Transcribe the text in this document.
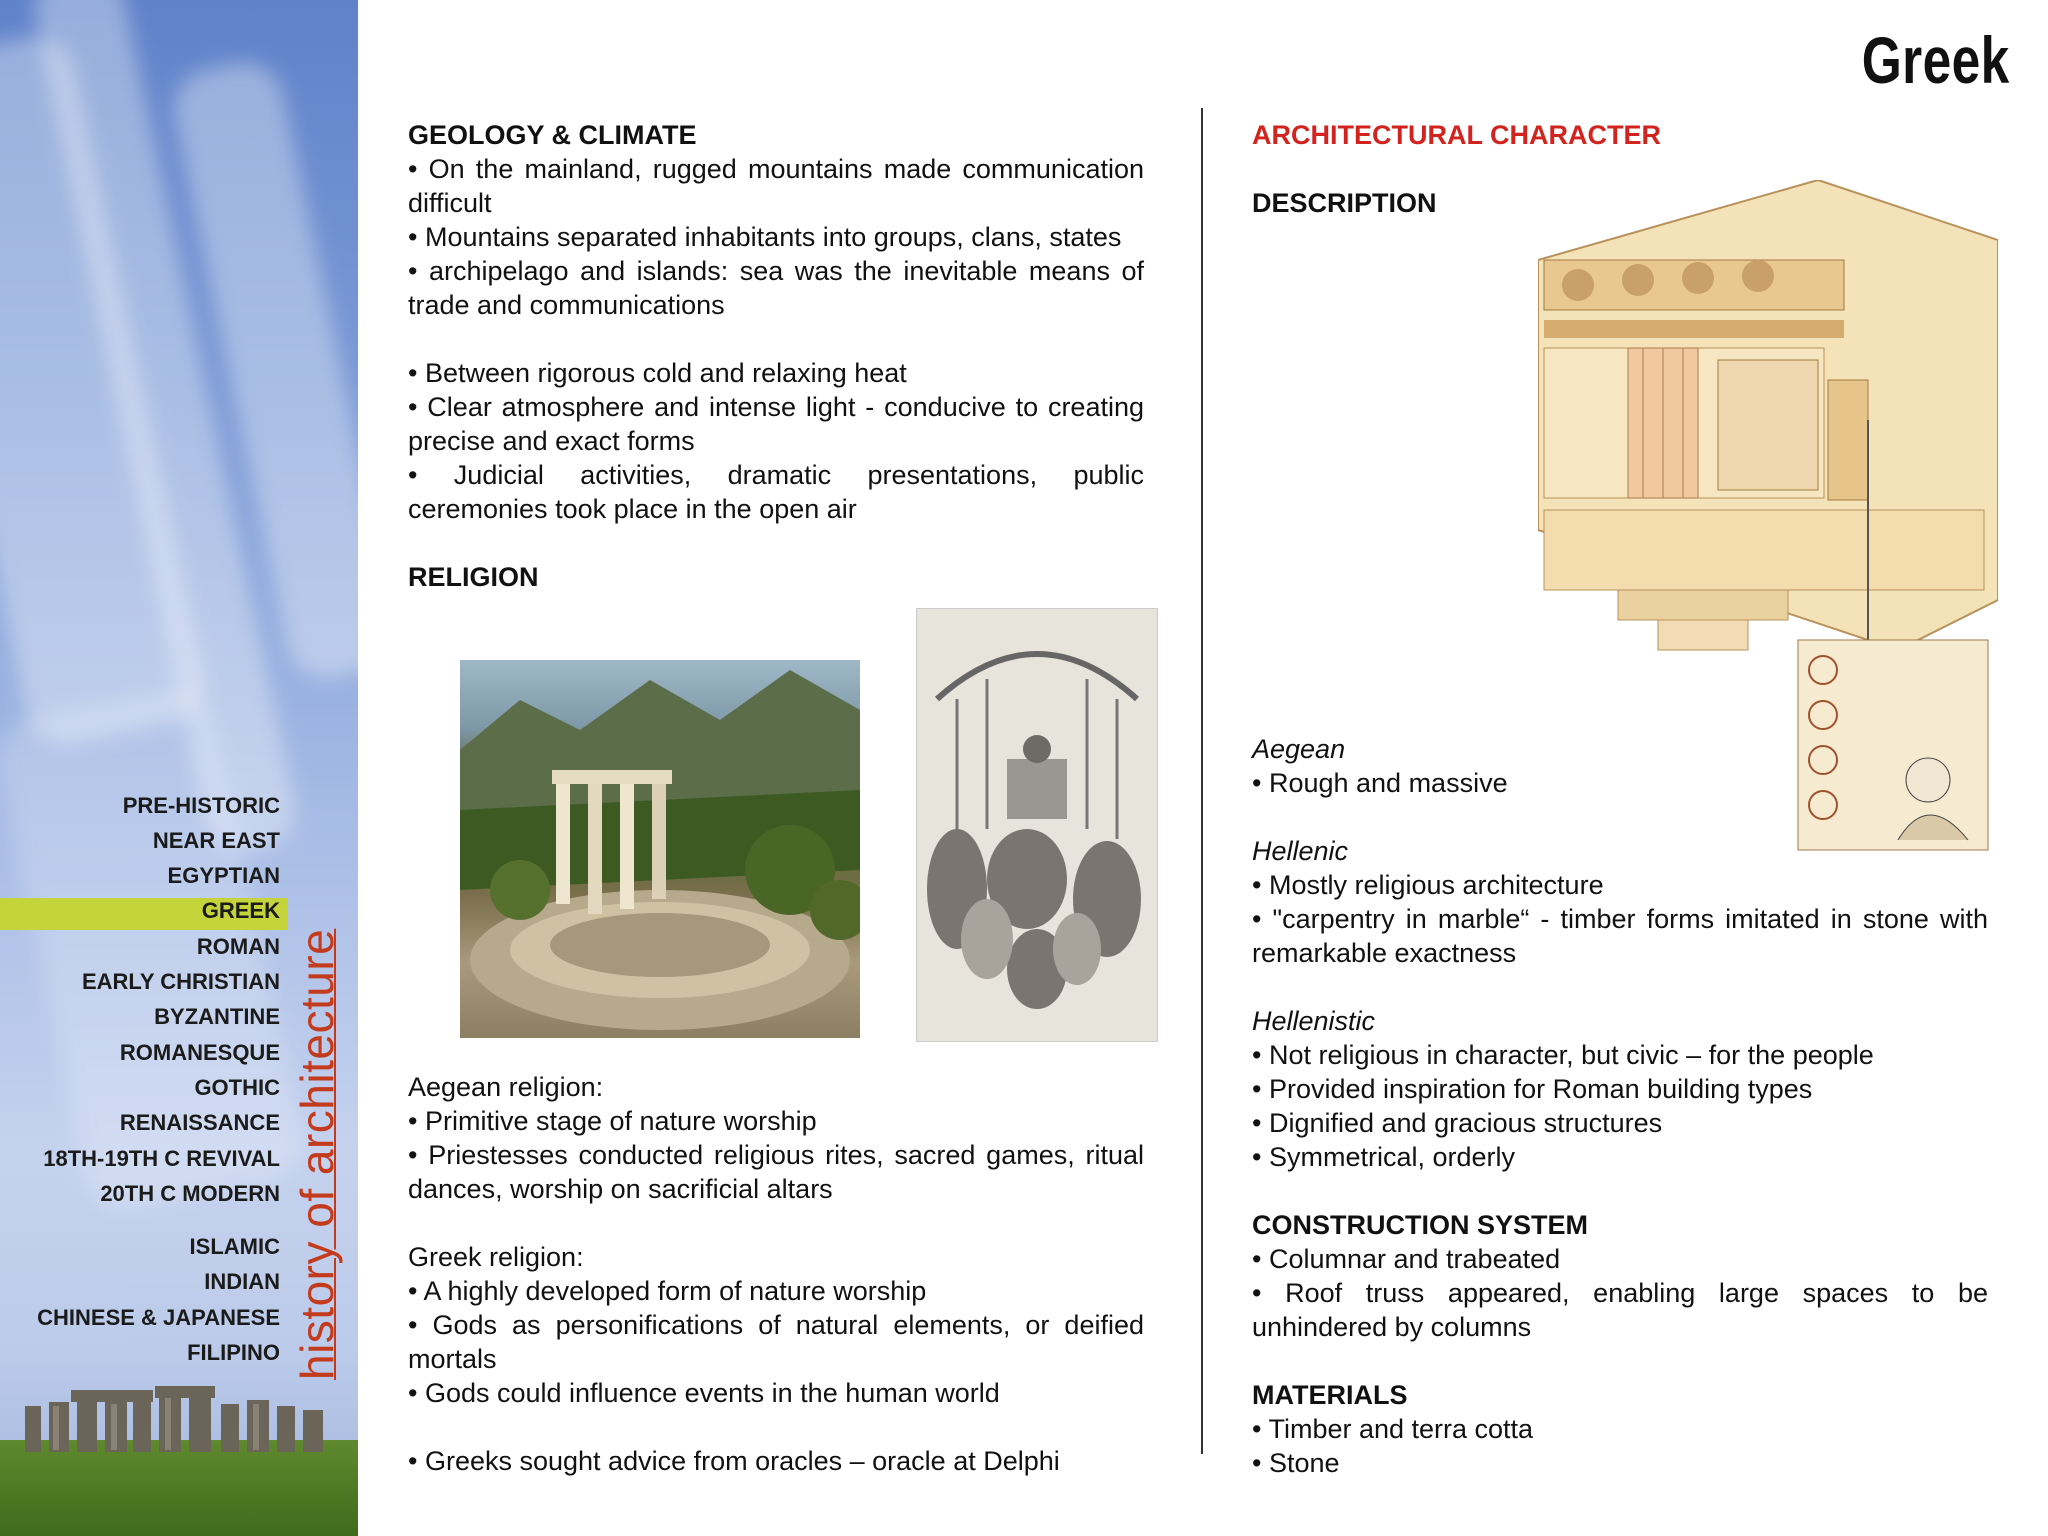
PRE-HISTORIC
NEAR EAST
EGYPTIAN
GREEK
ROMAN
EARLY CHRISTIAN
BYZANTINE
ROMANESQUE
GOTHIC
RENAISSANCE
18TH-19TH C REVIVAL
20TH C MODERN
ISLAMIC
INDIAN
CHINESE & JAPANESE
FILIPINO history of architecture
Greek
GEOLOGY & CLIMATE

• On the mainland, rugged mountains made communication difficult

• Mountains separated inhabitants into groups, clans, states

• archipelago and islands: sea was the inevitable means of trade and communications

• Between rigorous cold and relaxing heat

• Clear atmosphere and intense light - conducive to creating precise and exact forms

• Judicial activities, dramatic presentations, public ceremonies took place in the open air

RELIGION
Aegean religion:

• Primitive stage of nature worship

• Priestesses conducted religious rites, sacred games, ritual dances, worship on sacrificial altars

Greek religion:

• A highly developed form of nature worship

• Gods as personifications of natural elements, or deified mortals

• Gods could influence events in the human world

• Greeks sought advice from oracles – oracle at Delphi

ARCHITECTURAL CHARACTER
DESCRIPTION
Aegean

• Rough and massive

Hellenic

• Mostly religious architecture

• "carpentry in marble“ - timber forms imitated in stone with remarkable exactness

Hellenistic

• Not religious in character, but civic – for the people

• Provided inspiration for Roman building types

• Dignified and gracious structures

• Symmetrical, orderly

CONSTRUCTION SYSTEM

• Columnar and trabeated

• Roof truss appeared, enabling large spaces to be unhindered by columns

MATERIALS

• Timber and terra cotta

• Stone
